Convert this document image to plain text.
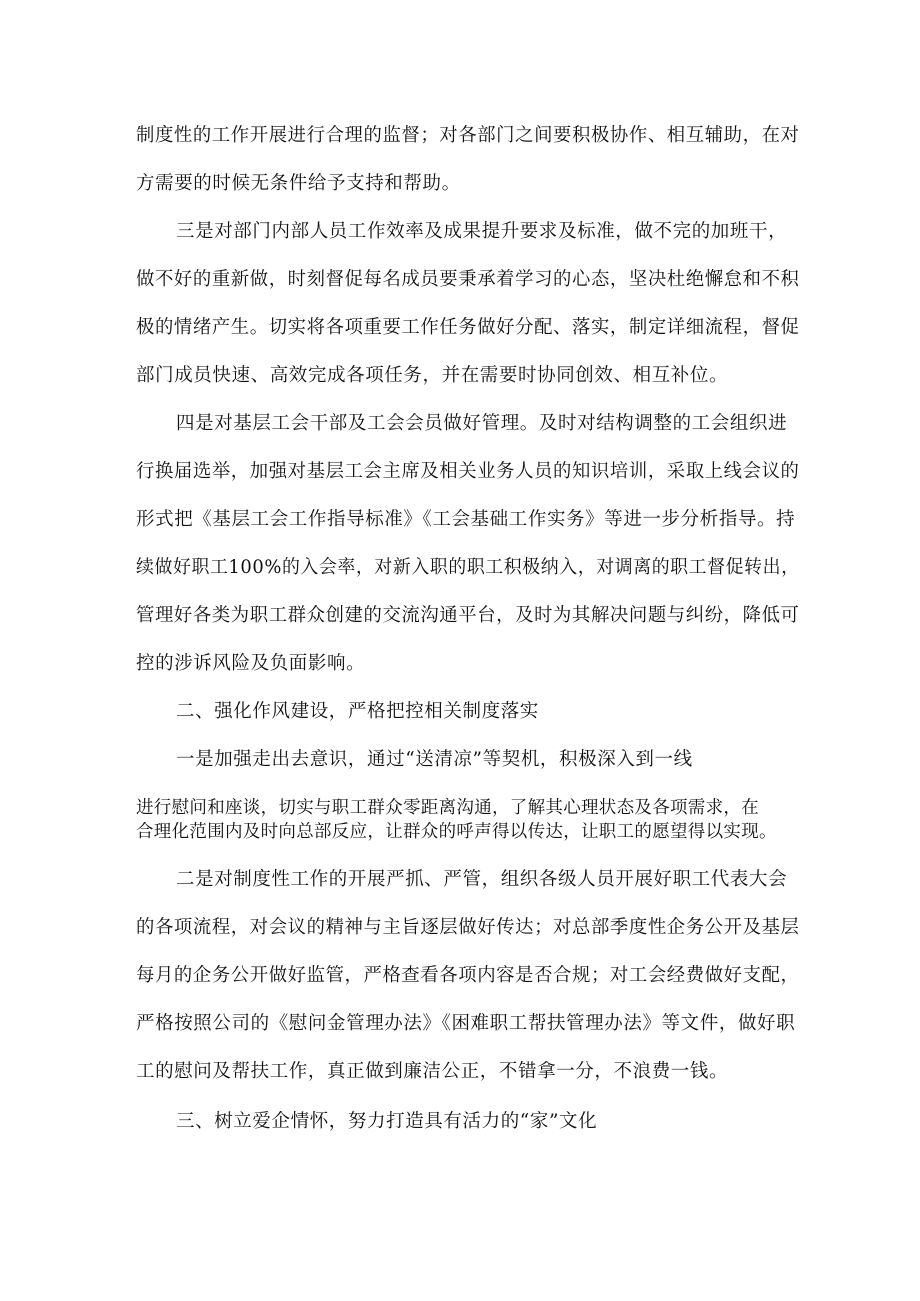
制度性的工作开展进行合理的监督；对各部门之间要积极协作、相互辅助，在对
方需要的时候无条件给予支持和帮助。
三是对部门内部人员工作效率及成果提升要求及标准，做不完的加班干，
做不好的重新做，时刻督促每名成员要秉承着学习的心态，坚决杜绝懈怠和不积
极的情绪产生。切实将各项重要工作任务做好分配、落实，制定详细流程，督促
部门成员快速、高效完成各项任务，并在需要时协同创效、相互补位。
四是对基层工会干部及工会会员做好管理。及时对结构调整的工会组织进
行换届选举，加强对基层工会主席及相关业务人员的知识培训，采取上线会议的
形式把《基层工会工作指导标准》《工会基础工作实务》等进一步分析指导。持
续做好职工100%的入会率，对新入职的职工积极纳入，对调离的职工督促转出，
管理好各类为职工群众创建的交流沟通平台，及时为其解决问题与纠纷，降低可
控的涉诉风险及负面影响。
二、强化作风建设，严格把控相关制度落实
一是加强走出去意识，通过“送清凉”等契机，积极深入到一线
进行慰问和座谈，切实与职工群众零距离沟通，了解其心理状态及各项需求，在
合理化范围内及时向总部反应，让群众的呼声得以传达，让职工的愿望得以实现。
二是对制度性工作的开展严抓、严管，组织各级人员开展好职工代表大会
的各项流程，对会议的精神与主旨逐层做好传达；对总部季度性企务公开及基层
每月的企务公开做好监管，严格查看各项内容是否合规；对工会经费做好支配，
严格按照公司的《慰问金管理办法》《困难职工帮扶管理办法》等文件，做好职
工的慰问及帮扶工作，真正做到廉洁公正，不错拿一分，不浪费一钱。
三、树立爱企情怀，努力打造具有活力的“家”文化
